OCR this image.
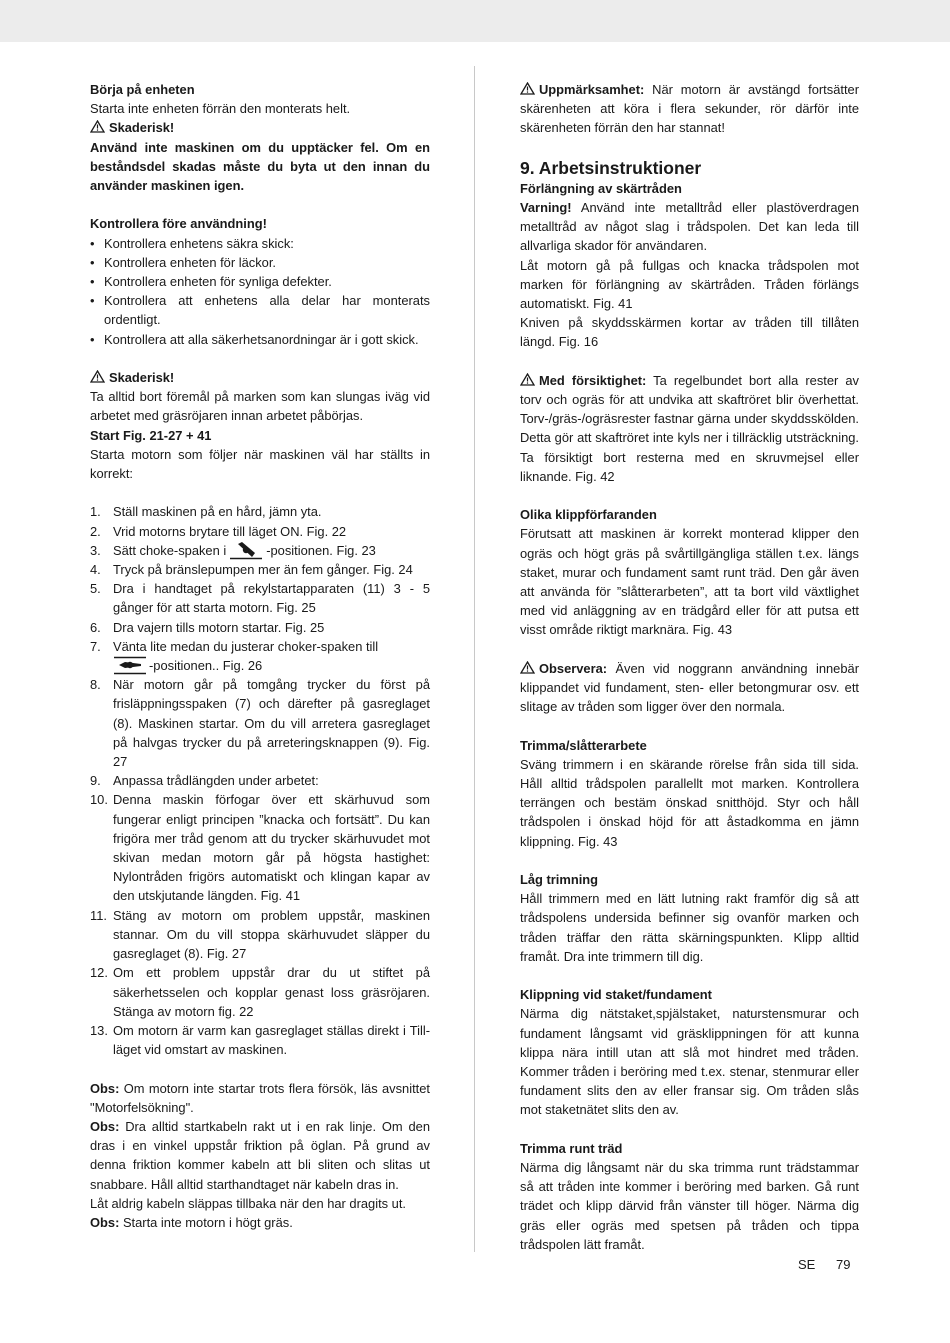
Börja på enheten

Starta inte enheten förrän den monterats helt.

Skaderisk!

Använd inte maskinen om du upptäcker fel. Om en beståndsdel skadas måste du byta ut den innan du använder maskinen igen.

Kontrollera före användning!

• Kontrollera enhetens säkra skick:
• Kontrollera enheten för läckor.
• Kontrollera enheten för synliga defekter.
• Kontrollera att enhetens alla delar har monterats ordentligt.
• Kontrollera att alla säkerhetsanordningar är i gott skick.

Skaderisk!

Ta alltid bort föremål på marken som kan slungas iväg vid arbetet med gräsröjaren innan arbetet påbörjas.

Start Fig. 21-27 + 41

Starta motorn som följer när maskinen väl har ställts in korrekt:

1. Ställ maskinen på en hård, jämn yta.
2. Vrid motorns brytare till läget ON. Fig. 22
3. Sätt choke-spaken i	-positionen. Fig. 23
4. Tryck på bränslepumpen mer än fem gånger. Fig. 24
5. Dra i handtaget på rekylstartapparaten (11) 3 - 5 gånger för att starta motorn. Fig. 25
6. Dra vajern tills motorn startar. Fig. 25
7. Vänta lite medan du justerar choker-spaken till
-positionen.. Fig. 26
8. När motorn går på tomgång trycker du först på frisläppningsspaken (7) och därefter på gasreglaget (8). Maskinen startar. Om du vill arretera gasreglaget på halvgas trycker du på arreteringsknappen (9). Fig. 27
9. Anpassa trådlängden under arbetet:
10. Denna maskin förfogar över ett skärhuvud som fungerar enligt principen ”knacka och fortsätt”. Du kan frigöra mer tråd genom att du trycker skärhuvudet mot skivan medan motorn går på högsta hastighet: Nylontråden frigörs automatiskt och klingan kapar av den utskjutande längden. Fig. 41
11. Stäng av motorn om problem uppstår, maskinen stannar. Om du vill stoppa skärhuvudet släpper du gasreglaget (8). Fig. 27
12. Om ett problem uppstår drar du ut stiftet på säkerhetsselen och kopplar genast loss gräsröjaren. Stänga av motorn fig. 22
13. Om motorn är varm kan gasreglaget ställas direkt i Till-läget vid omstart av maskinen.

Obs: Om motorn inte startar trots flera försök, läs avsnittet "Motorfelsökning".

Obs: Dra alltid startkabeln rakt ut i en rak linje. Om den dras i en vinkel uppstår friktion på öglan. På grund av denna friktion kommer kabeln att bli sliten och slitas ut snabbare. Håll alltid starthandtaget när kabeln dras in.

Låt aldrig kabeln släppas tillbaka när den har dragits ut.

Obs: Starta inte motorn i högt gräs.

Uppmärksamhet: När motorn är avstängd fortsätter skärenheten att köra i flera sekunder, rör därför inte skärenheten förrän den har stannat!

9. Arbetsinstruktioner

Förlängning av skärtråden

Varning! Använd inte metalltråd eller plastöverdragen metalltråd av något slag i trådspolen. Det kan leda till allvarliga skador för användaren.

Låt motorn gå på fullgas och knacka trådspolen mot marken för förlängning av skärtråden. Tråden förlängs automatiskt. Fig. 41

Kniven på skyddsskärmen kortar av tråden till tillåten längd. Fig. 16

Med försiktighet: Ta regelbundet bort alla rester av torv och ogräs för att undvika att skaftröret blir överhettat. Torv-/gräs-/ogräsrester fastnar gärna under skyddsskölden. Detta gör att skaftröret inte kyls ner i tillräcklig utsträckning. Ta försiktigt bort resterna med en skruvmejsel eller liknande. Fig. 42

Olika klippförfaranden

Förutsatt att maskinen är korrekt monterad klipper den ogräs och högt gräs på svårtillgängliga ställen t.ex. längs staket, murar och fundament samt runt träd. Den går även att använda för ”slåtterarbeten”, att ta bort vild växtlighet med vid anläggning av en trädgård eller för att putsa ett visst område riktigt marknära. Fig. 43

Observera: Även vid noggrann användning innebär klippandet vid fundament, sten- eller betongmurar osv. ett slitage av tråden som ligger över den normala.

Trimma/slåtterarbete

Sväng trimmern i en skärande rörelse från sida till sida. Håll alltid trådspolen parallellt mot marken. Kontrollera terrängen och bestäm önskad snitthöjd. Styr och håll trådspolen i önskad höjd för att åstadkomma en jämn klippning. Fig. 43

Låg trimning

Håll trimmern med en lätt lutning rakt framför dig så att trådspolens undersida befinner sig ovanför marken och tråden träffar den rätta skärningspunkten. Klipp alltid framåt. Dra inte trimmern till dig.

Klippning vid staket/fundament

Närma dig nätstaket,spjälstaket, naturstensmurar och fundament långsamt vid gräsklippningen för att kunna klippa nära intill utan att slå mot hindret med tråden. Kommer tråden i beröring med t.ex. stenar, stenmurar eller fundament slits den av eller fransar sig. Om tråden slås mot staketnätet slits den av.

Trimma runt träd

Närma dig långsamt när du ska trimma runt trädstammar så att tråden inte kommer i beröring med barken. Gå runt trädet och klipp därvid från vänster till höger. Närma dig gräs eller ogräs med spetsen på tråden och tippa trådspolen lätt framåt.

SE 79
